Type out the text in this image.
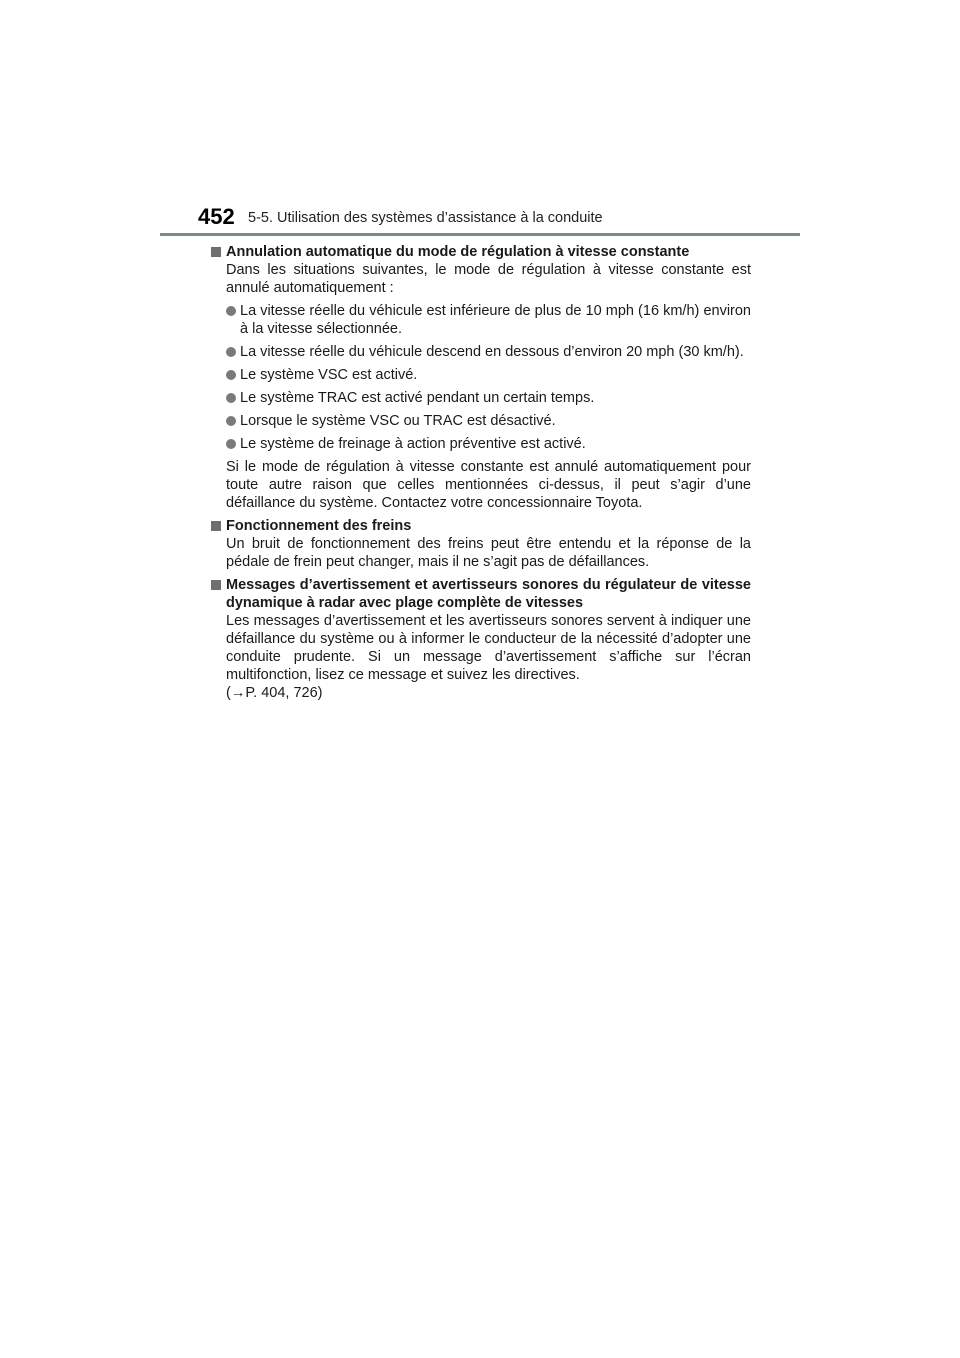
452 5-5. Utilisation des systèmes d’assistance à la conduite
Annulation automatique du mode de régulation à vitesse constante

Dans les situations suivantes, le mode de régulation à vitesse constante est annulé automatiquement :

La vitesse réelle du véhicule est inférieure de plus de 10 mph (16 km/h) environ à la vitesse sélectionnée.
La vitesse réelle du véhicule descend en dessous d’environ 20 mph (30 km/h).
Le système VSC est activé.
Le système TRAC est activé pendant un certain temps.
Lorsque le système VSC ou TRAC est désactivé.
Le système de freinage à action préventive est activé.

Si le mode de régulation à vitesse constante est annulé automatiquement pour toute autre raison que celles mentionnées ci-dessus, il peut s’agir d’une défaillance du système. Contactez votre concessionnaire Toyota.

Fonctionnement des freins

Un bruit de fonctionnement des freins peut être entendu et la réponse de la pédale de frein peut changer, mais il ne s’agit pas de défaillances.

Messages d’avertissement et avertisseurs sonores du régulateur de vitesse dynamique à radar avec plage complète de vitesses

Les messages d’avertissement et les avertisseurs sonores servent à indiquer une défaillance du système ou à informer le conducteur de la nécessité d’adopter une conduite prudente. Si un message d’avertissement s’affiche sur l’écran multifonction, lisez ce message et suivez les directives.

(→P. 404, 726)
